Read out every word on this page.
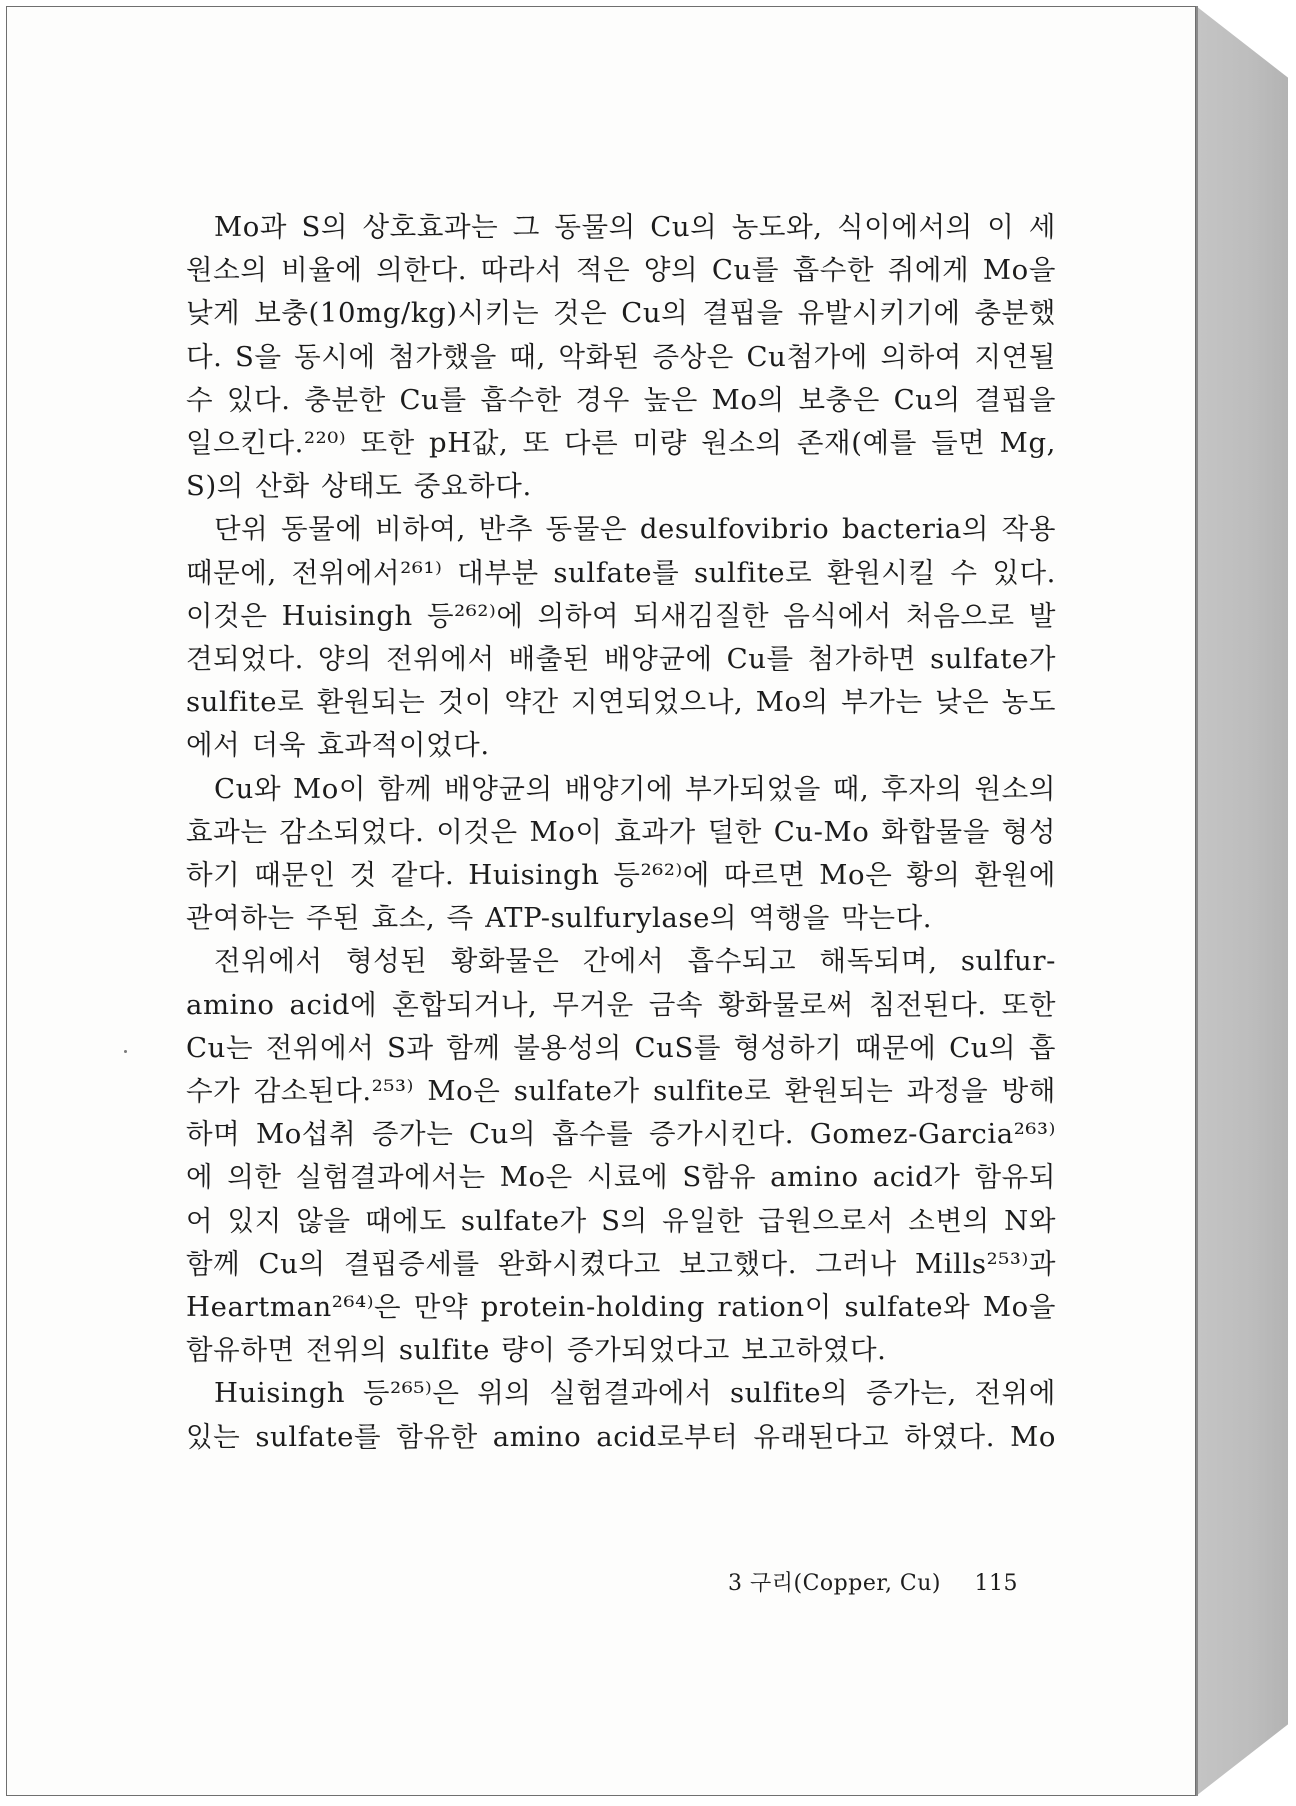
Mo과 S의 상호효과는 그 동물의 Cu의 농도와, 식이에서의 이 세 원소의 비율에 의한다. 따라서 적은 양의 Cu를 흡수한 쥐에게 Mo을 낮게 보충(10mg/kg)시키는 것은 Cu의 결핍을 유발시키기에 충분했다. S을 동시에 첨가했을 때, 악화된 증상은 Cu첨가에 의하여 지연될 수 있다. 충분한 Cu를 흡수한 경우 높은 Mo의 보충은 Cu의 결핍을 일으킨다.²²⁰⁾ 또한 pH값, 또 다른 미량 원소의 존재(예를 들면 Mg, S)의 산화 상태도 중요하다.

단위 동물에 비하여, 반추 동물은 desulfovibrio bacteria의 작용 때문에, 전위에서²⁶¹⁾ 대부분 sulfate를 sulfite로 환원시킬 수 있다. 이것은 Huisingh 등²⁶²⁾에 의하여 되새김질한 음식에서 처음으로 발견되었다. 양의 전위에서 배출된 배양균에 Cu를 첨가하면 sulfate가 sulfite로 환원되는 것이 약간 지연되었으나, Mo의 부가는 낮은 농도에서 더욱 효과적이었다.

Cu와 Mo이 함께 배양균의 배양기에 부가되었을 때, 후자의 원소의 효과는 감소되었다. 이것은 Mo이 효과가 덜한 Cu-Mo 화합물을 형성하기 때문인 것 같다. Huisingh 등²⁶²⁾에 따르면 Mo은 황의 환원에 관여하는 주된 효소, 즉 ATP-sulfurylase의 역행을 막는다.

전위에서 형성된 황화물은 간에서 흡수되고 해독되며, sulfur-amino acid에 혼합되거나, 무거운 금속 황화물로써 침전된다. 또한 Cu는 전위에서 S과 함께 불용성의 CuS를 형성하기 때문에 Cu의 흡수가 감소된다.²⁵³⁾ Mo은 sulfate가 sulfite로 환원되는 과정을 방해하며 Mo섭취 증가는 Cu의 흡수를 증가시킨다. Gomez-Garcia²⁶³⁾에 의한 실험결과에서는 Mo은 시료에 S함유 amino acid가 함유되어 있지 않을 때에도 sulfate가 S의 유일한 급원으로서 소변의 N와 함께 Cu의 결핍증세를 완화시켰다고 보고했다. 그러나 Mills²⁵³⁾과 Heartman²⁶⁴⁾은 만약 protein-holding ration이 sulfate와 Mo을 함유하면 전위의 sulfite 량이 증가되었다고 보고하였다.

Huisingh 등²⁶⁵⁾은 위의 실험결과에서 sulfite의 증가는, 전위에 있는 sulfate를 함유한 amino acid로부터 유래된다고 하였다. Mo

3 구리(Copper, Cu) 115
